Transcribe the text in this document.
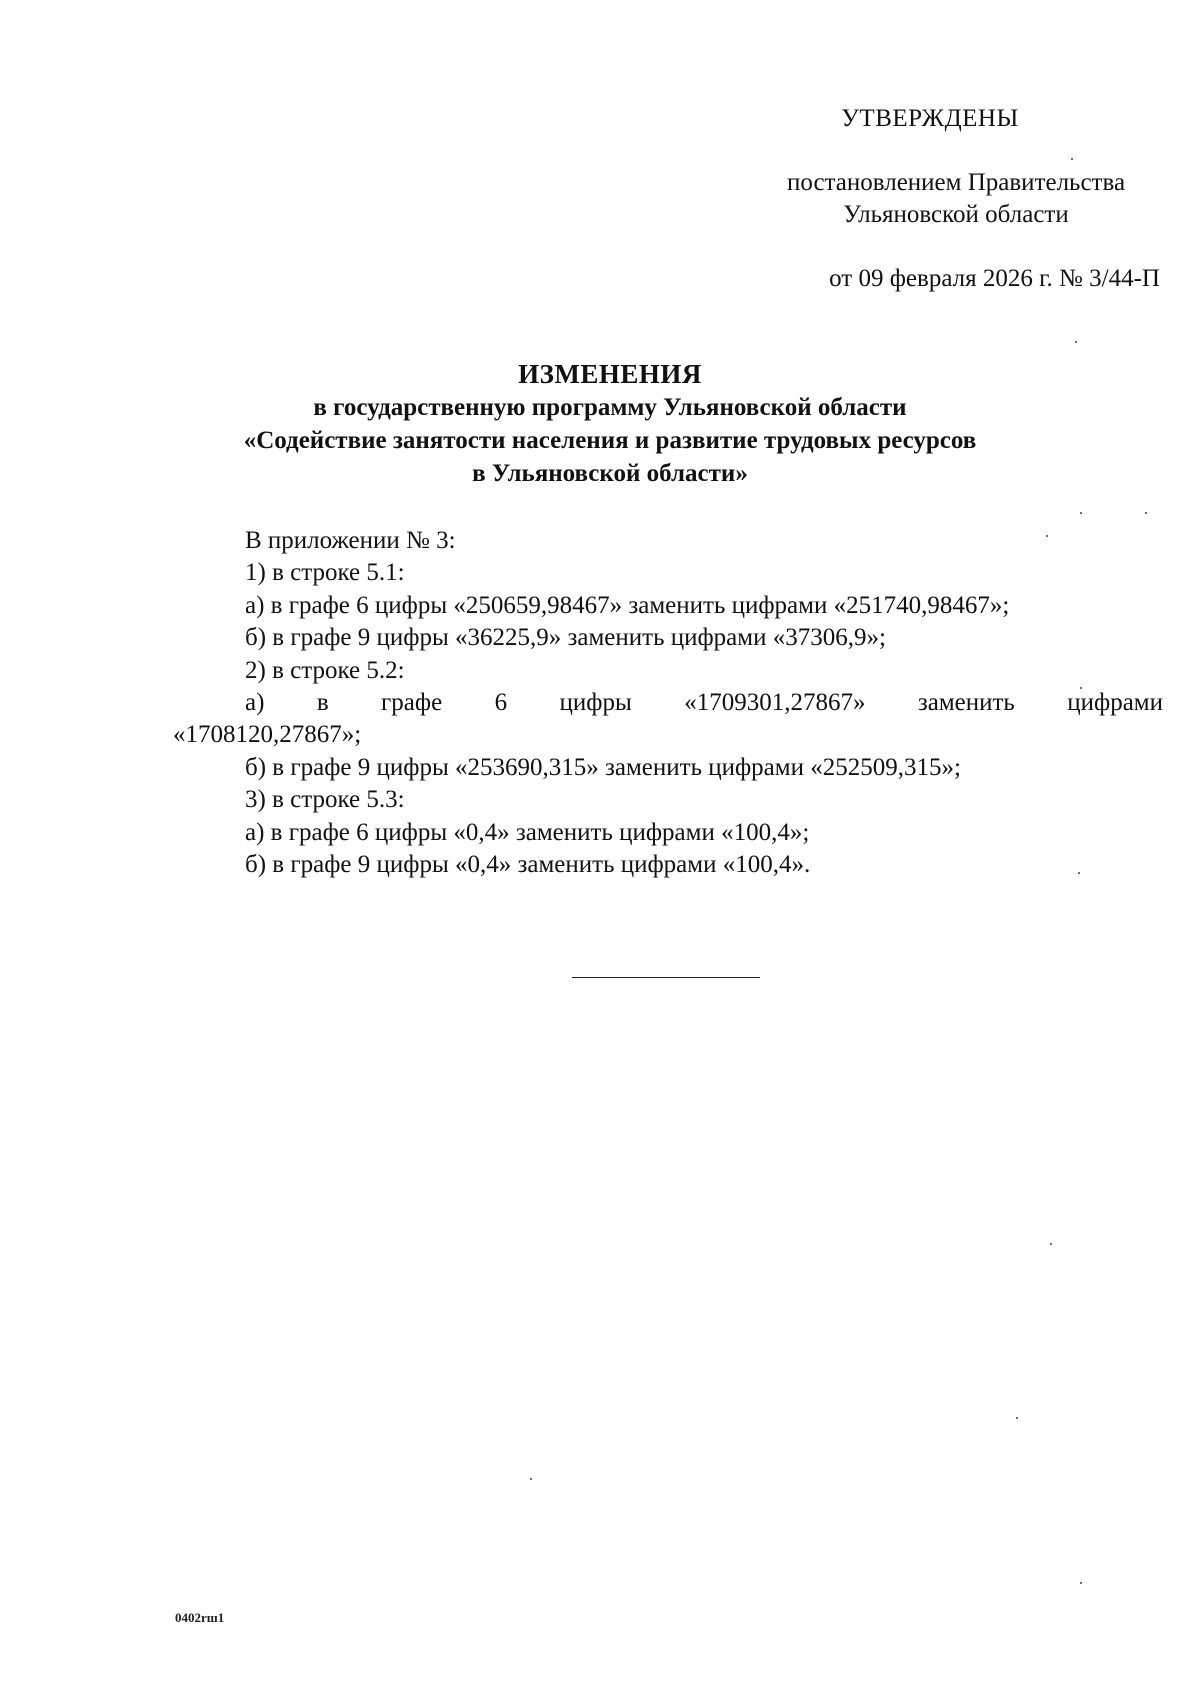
УТВЕРЖДЕНЫ
постановлением Правительства
Ульяновской области
от 09 февраля 2026 г. № 3/44-П
ИЗМЕНЕНИЯ
в государственную программу Ульяновской области
«Содействие занятости населения и развитие трудовых ресурсов
в Ульяновской области»
В приложении № 3:
1) в строке 5.1:
а) в графе 6 цифры «250659,98467» заменить цифрами «251740,98467»;
б) в графе 9 цифры «36225,9» заменить цифрами «37306,9»;
2) в строке 5.2:
а) в графе 6 цифры «1709301,27867» заменить цифрами
«1708120,27867»;
б) в графе 9 цифры «253690,315» заменить цифрами «252509,315»;
3) в строке 5.3:
а) в графе 6 цифры «0,4» заменить цифрами «100,4»;
б) в графе 9 цифры «0,4» заменить цифрами «100,4».
0402rш1
